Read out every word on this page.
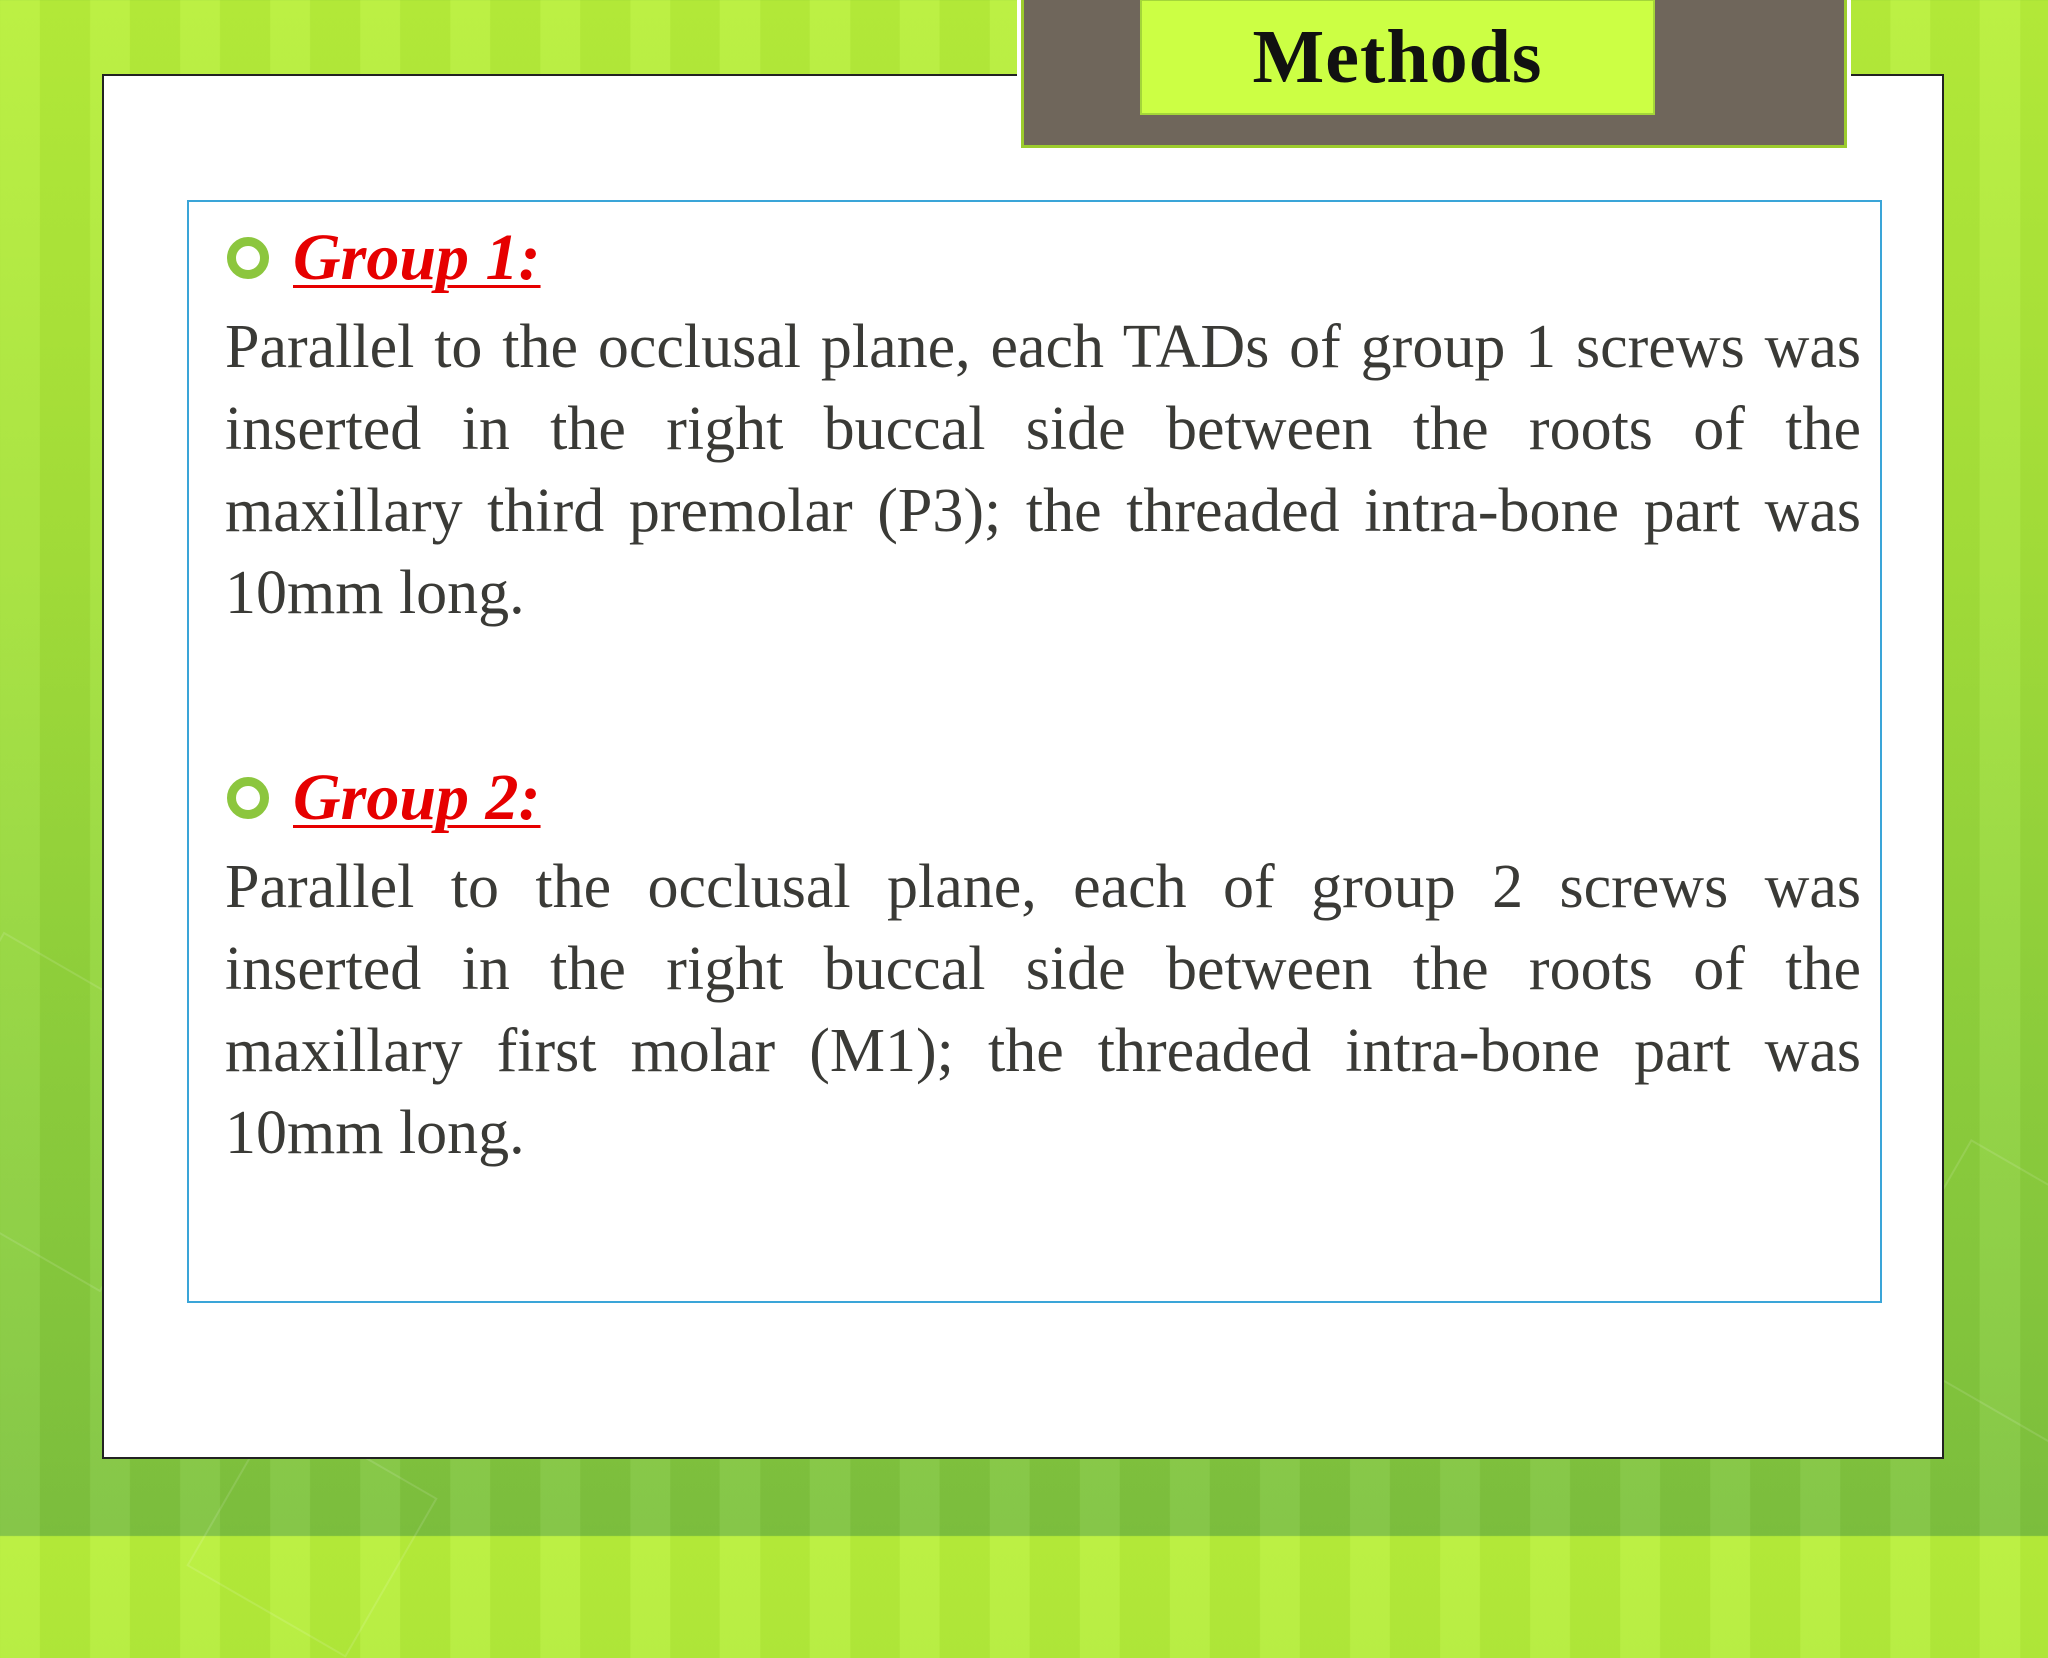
Group 1:
Parallel to the occlusal plane, each TADs of group 1 screws was inserted in the right buccal side between the roots of the maxillary third premolar (P3); the threaded intra-bone part was 10mm long.
Group 2:
Parallel to the occlusal plane, each of group 2 screws was inserted in the right buccal side between the roots of the maxillary first molar (M1); the threaded intra-bone part was 10mm long.
Methods
